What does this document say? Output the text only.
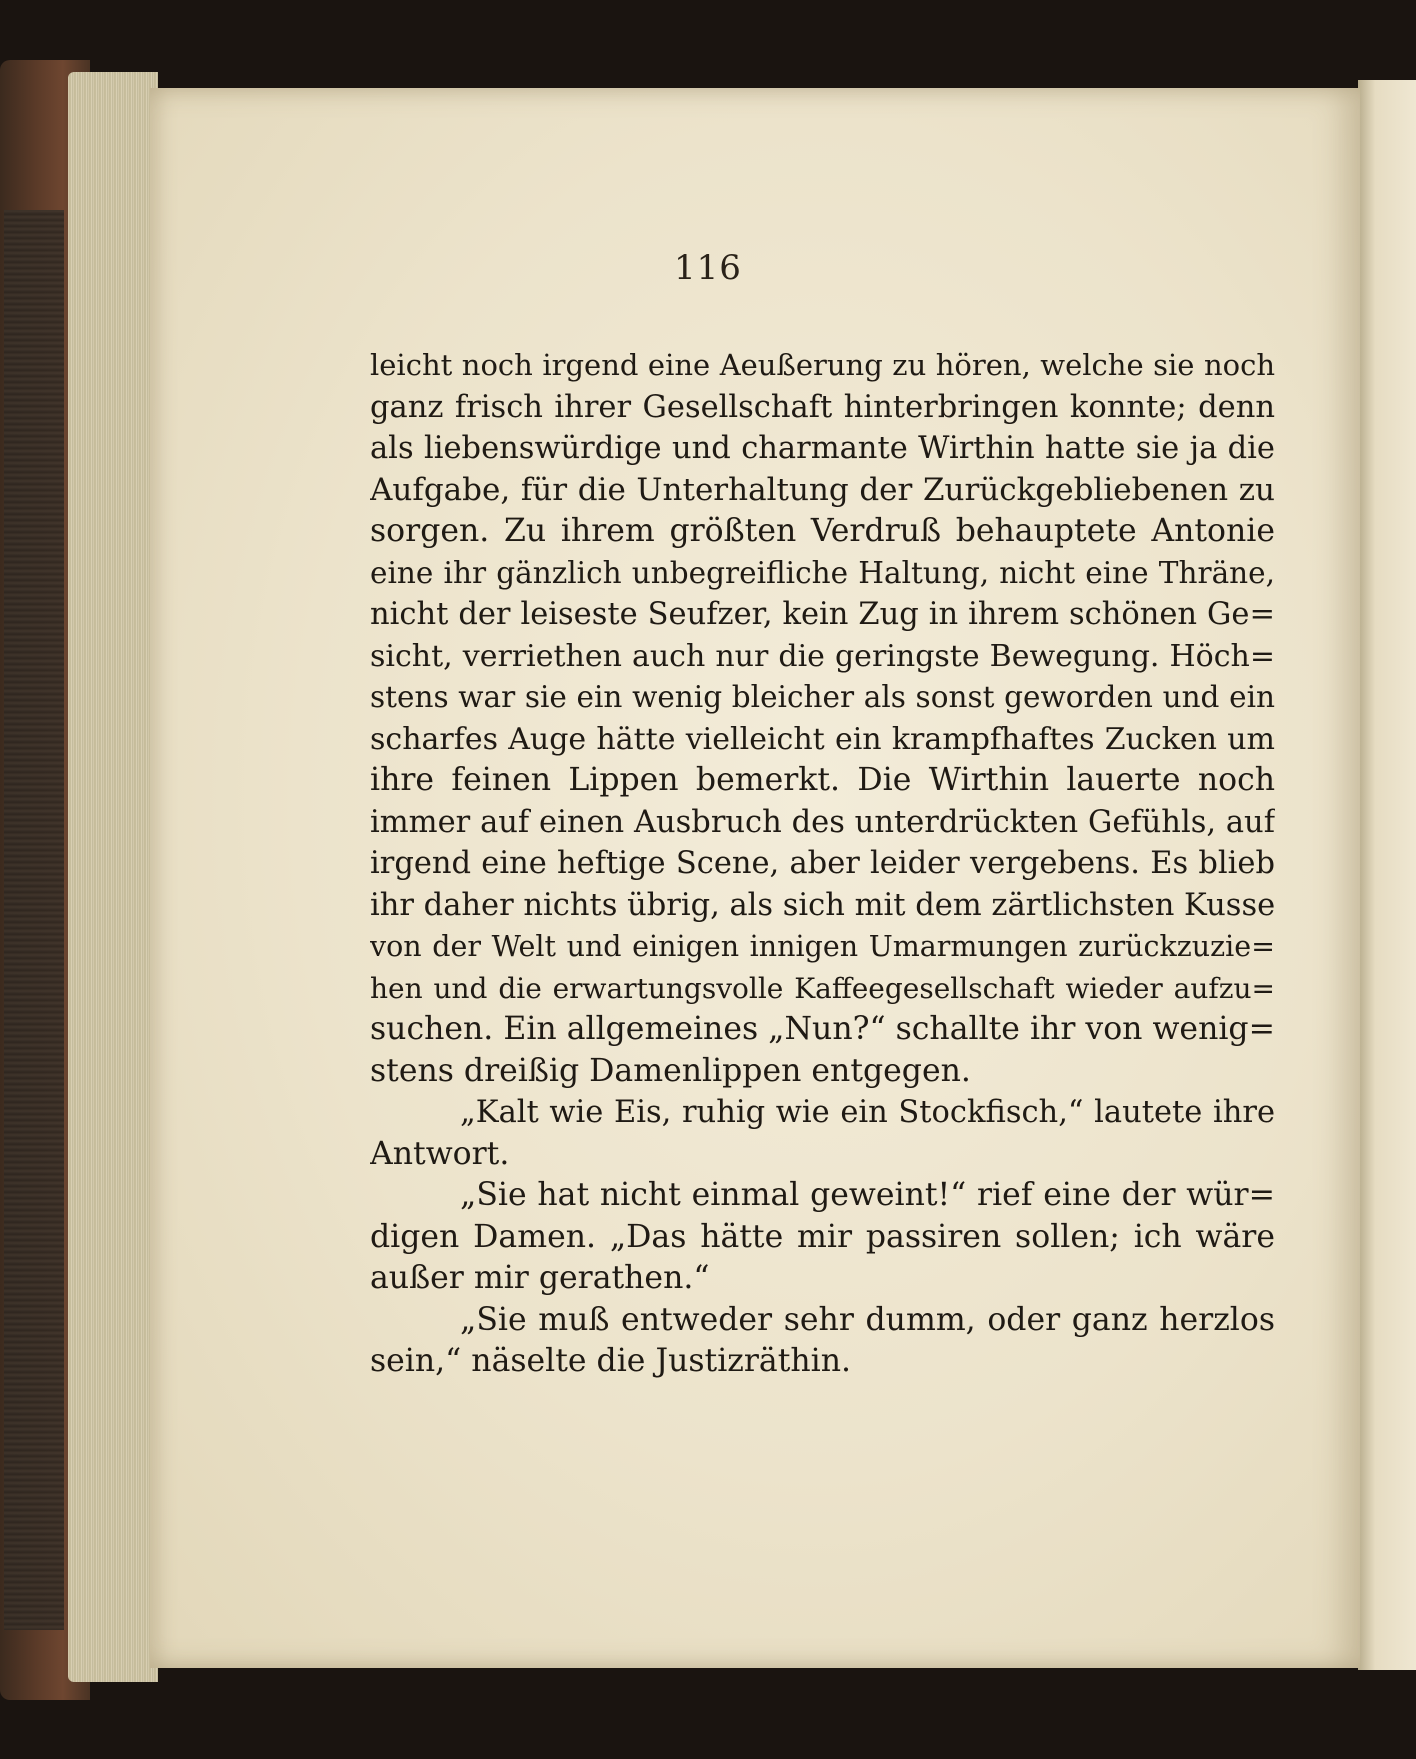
116
leicht noch irgend eine Aeußerung zu hören, welche sie noch
ganz frisch ihrer Gesellschaft hinterbringen konnte; denn
als liebenswürdige und charmante Wirthin hatte sie ja die
Aufgabe, für die Unterhaltung der Zurückgebliebenen zu
sorgen. Zu ihrem größten Verdruß behauptete Antonie
eine ihr gänzlich unbegreifliche Haltung, nicht eine Thräne,
nicht der leiseste Seufzer, kein Zug in ihrem schönen Ge=
sicht, verriethen auch nur die geringste Bewegung. Höch=
stens war sie ein wenig bleicher als sonst geworden und ein
scharfes Auge hätte vielleicht ein krampfhaftes Zucken um
ihre feinen Lippen bemerkt. Die Wirthin lauerte noch
immer auf einen Ausbruch des unterdrückten Gefühls, auf
irgend eine heftige Scene, aber leider vergebens. Es blieb
ihr daher nichts übrig, als sich mit dem zärtlichsten Kusse
von der Welt und einigen innigen Umarmungen zurückzuzie=
hen und die erwartungsvolle Kaffeegesellschaft wieder aufzu=
suchen. Ein allgemeines „Nun?“ schallte ihr von wenig=
stens dreißig Damenlippen entgegen.
„Kalt wie Eis, ruhig wie ein Stockfisch,“ lautete ihre
Antwort.
„Sie hat nicht einmal geweint!“ rief eine der wür=
digen Damen. „Das hätte mir passiren sollen; ich wäre
außer mir gerathen.“
„Sie muß entweder sehr dumm, oder ganz herzlos
sein,“ näselte die Justizräthin.
